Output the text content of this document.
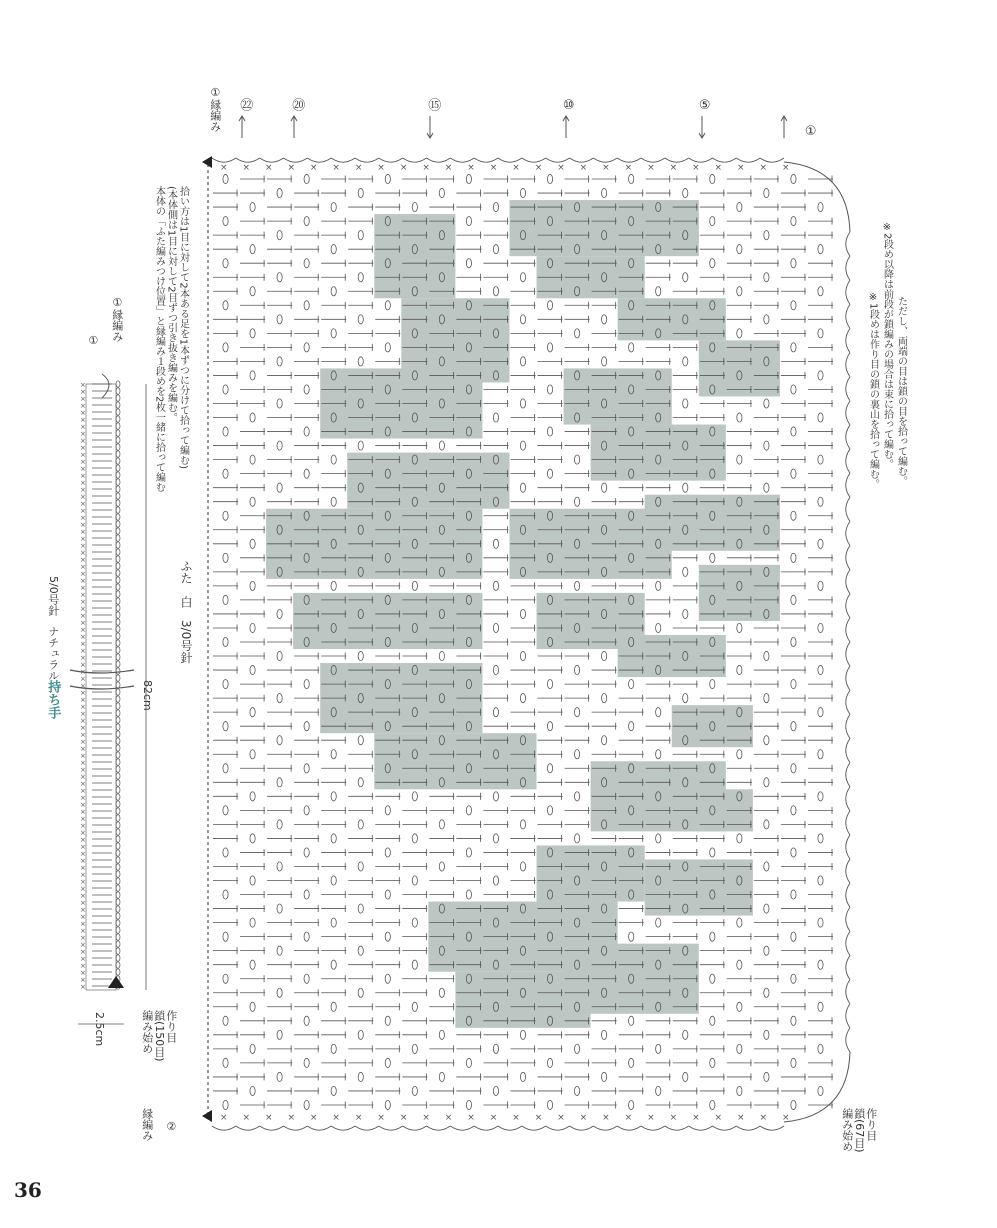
持ち手
ナチュラル
5/0号針
82cm
2.5cm	編み始め 鎖(150目) 作り目
①縁編み
①
ふた　白　3/0号針
本体の「ふた編みつけ位置」と縁編み１段めを2枚一緒に拾って編む (本体側は1目に対して2目ずつ引き抜き編みを編む。 拾い方は1目に対して2本ある足を1本ずつに分けて拾って編む)
①縁編み
縁編み ②	編み始め 鎖(67目) 作り目
㉒	⑳	⑮	⑩	⑤
①
※1段めは作り目の鎖の裏山を拾って編む。 ※2段め以降は前段が鎖編みの場合は束に拾って編む。 ただし、両端の目は鎖の目を拾って編む。
36
×
×
×
×
×
×
×
×
×
×
×
×
×
×
×
×
×
×
×
×
×
×
×
×
×
×
×
×
×
×
×
×
×
×
×
×
×
×
×
×
×
×
×
×
×
×
×
×
×
×
×
×
×
×
×
×
×
×
×
×
×
×
×
×
×
×
×
×
×
×
×
×
×
×
×
×
×
×
×
×
×
×
×
×
×
×
×
×
×
×
×
×
×
×
×
×
×
×
×
×
×
×
×
×
×
×
×
×
×
×
×
×
×
×
×
×
×
×
×
×
×
×
×
×
×
×
×
×
×
×
×
×
×
×
×
×
×
×
×
